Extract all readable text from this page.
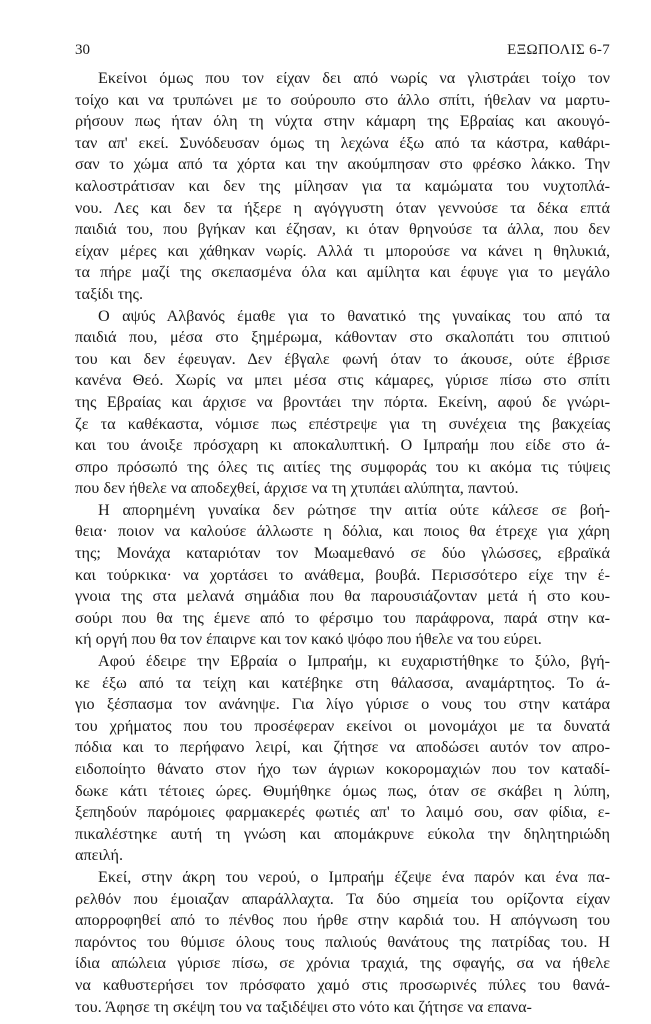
30	ΕΞΩΠΟΛΙΣ 6-7
Εκείνοι όμως που τον είχαν δει από νωρίς να γλιστράει τοίχο τον
τοίχο και να τρυπώνει με το σούρουπο στο άλλο σπίτι, ήθελαν να μαρτυ-
ρήσουν πως ήταν όλη τη νύχτα στην κάμαρη της Εβραίας και ακουγό-
ταν απ' εκεί. Συνόδευσαν όμως τη λεχώνα έξω από τα κάστρα, καθάρι-
σαν το χώμα από τα χόρτα και την ακούμπησαν στο φρέσκο λάκκο. Την
καλοστράτισαν και δεν της μίλησαν για τα καμώματα του νυχτοπλά-
νου. Λες και δεν τα ήξερε η αγόγγυστη όταν γεννούσε τα δέκα επτά
παιδιά του, που βγήκαν και έζησαν, κι όταν θρηνούσε τα άλλα, που δεν
είχαν μέρες και χάθηκαν νωρίς. Αλλά τι μπορούσε να κάνει η θηλυκιά,
τα πήρε μαζί της σκεπασμένα όλα και αμίλητα και έφυγε για το μεγάλο
ταξίδι της.
Ο αψύς Αλβανός έμαθε για το θανατικό της γυναίκας του από τα
παιδιά που, μέσα στο ξημέρωμα, κάθονταν στο σκαλοπάτι του σπιτιού
του και δεν έφευγαν. Δεν έβγαλε φωνή όταν το άκουσε, ούτε έβρισε
κανένα Θεό. Χωρίς να μπει μέσα στις κάμαρες, γύρισε πίσω στο σπίτι
της Εβραίας και άρχισε να βροντάει την πόρτα. Εκείνη, αφού δε γνώρι-
ζε τα καθέκαστα, νόμισε πως επέστρεψε για τη συνέχεια της βακχείας
και του άνοιξε πρόσχαρη κι αποκαλυπτική. Ο Ιμπραήμ που είδε στο ά-
σπρο πρόσωπό της όλες τις αιτίες της συμφοράς του κι ακόμα τις τύψεις
που δεν ήθελε να αποδεχθεί, άρχισε να τη χτυπάει αλύπητα, παντού.
Η απορημένη γυναίκα δεν ρώτησε την αιτία ούτε κάλεσε σε βοή-
θεια· ποιον να καλούσε άλλωστε η δόλια, και ποιος θα έτρεχε για χάρη
της; Μονάχα καταριόταν τον Μωαμεθανό σε δύο γλώσσες, εβραϊκά
και τούρκικα· να χορτάσει το ανάθεμα, βουβά. Περισσότερο είχε την έ-
γνοια της στα μελανά σημάδια που θα παρουσιάζονταν μετά ή στο κου-
σούρι που θα της έμενε από το φέρσιμο του παράφρονα, παρά στην κα-
κή οργή που θα τον έπαιρνε και τον κακό ψόφο που ήθελε να του εύρει.
Αφού έδειρε την Εβραία ο Ιμπραήμ, κι ευχαριστήθηκε το ξύλο, βγή-
κε έξω από τα τείχη και κατέβηκε στη θάλασσα, αναμάρτητος. Το ά-
γιο ξέσπασμα τον ανάνηψε. Για λίγο γύρισε ο νους του στην κατάρα
του χρήματος που του προσέφεραν εκείνοι οι μονομάχοι με τα δυνατά
πόδια και το περήφανο λειρί, και ζήτησε να αποδώσει αυτόν τον απρο-
ειδοποίητο θάνατο στον ήχο των άγριων κοκορομαχιών που τον καταδί-
δωκε κάτι τέτοιες ώρες. Θυμήθηκε όμως πως, όταν σε σκάβει η λύπη,
ξεπηδούν παρόμοιες φαρμακερές φωτιές απ' το λαιμό σου, σαν φίδια, ε-
πικαλέστηκε αυτή τη γνώση και απομάκρυνε εύκολα την δηλητηριώδη
απειλή.
Εκεί, στην άκρη του νερού, ο Ιμπραήμ έζεψε ένα παρόν και ένα πα-
ρελθόν που έμοιαζαν απαράλλαχτα. Τα δύο σημεία του ορίζοντα είχαν
απορροφηθεί από το πένθος που ήρθε στην καρδιά του. Η απόγνωση του
παρόντος του θύμισε όλους τους παλιούς θανάτους της πατρίδας του. Η
ίδια απώλεια γύρισε πίσω, σε χρόνια τραχιά, της σφαγής, σα να ήθελε
να καθυστερήσει τον πρόσφατο χαμό στις προσωρινές πύλες του θανά-
του. Άφησε τη σκέψη του να ταξιδέψει στο νότο και ζήτησε να επανα-
